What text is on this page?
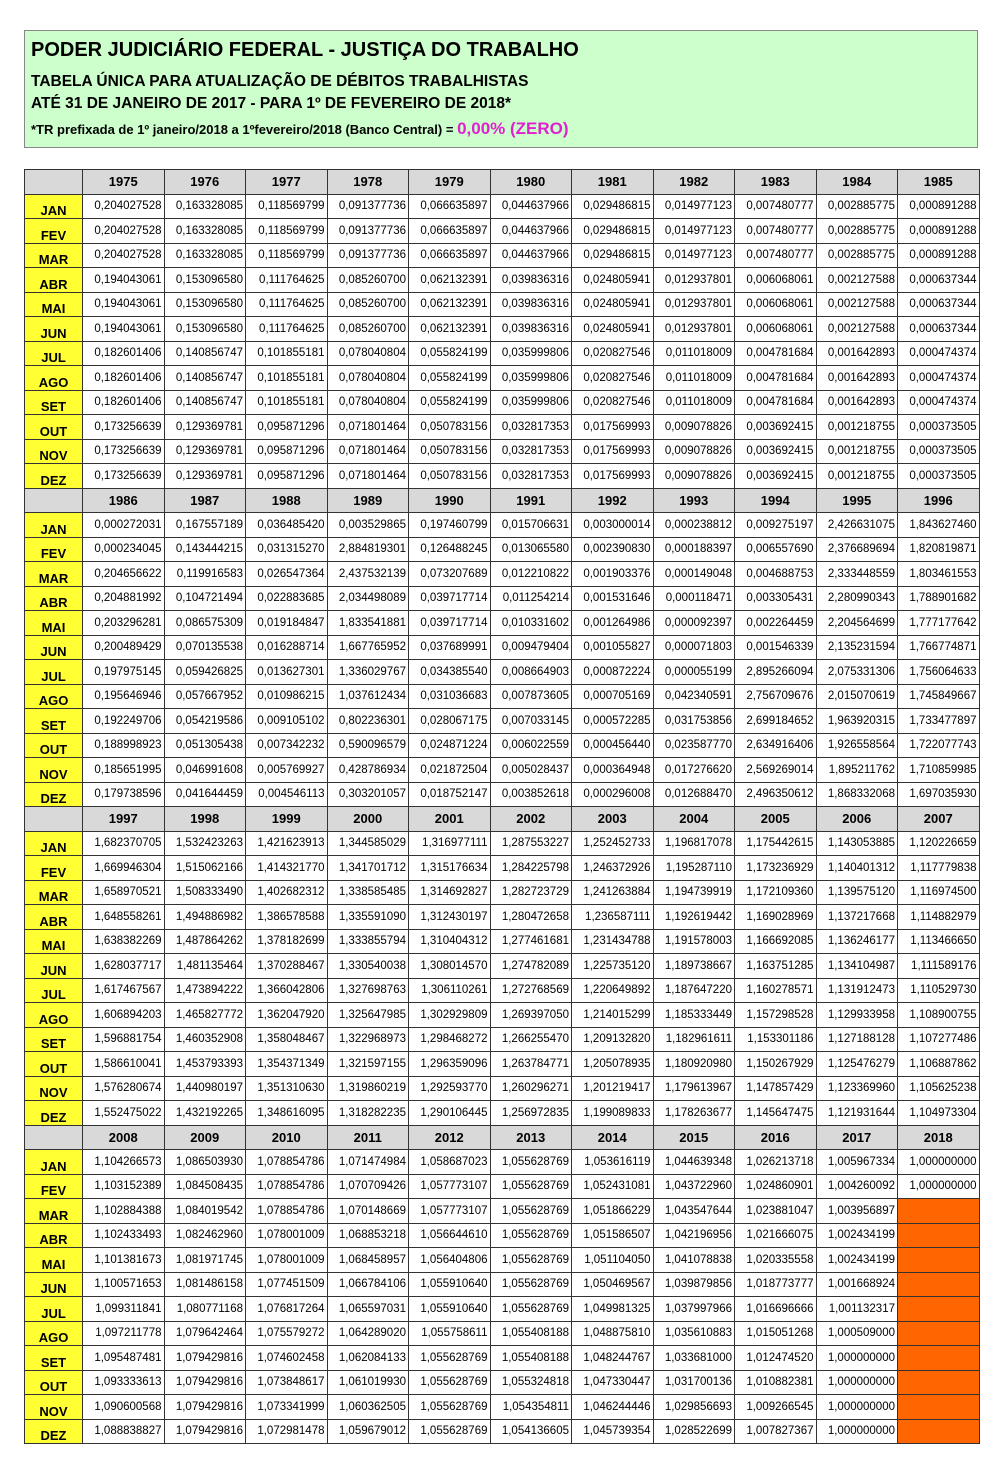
PODER JUDICIÁRIO FEDERAL - JUSTIÇA DO TRABALHO
TABELA ÚNICA PARA ATUALIZAÇÃO DE DÉBITOS TRABALHISTAS
ATÉ 31 DE JANEIRO DE 2017 - PARA 1º DE FEVEREIRO DE 2018*
*TR prefixada de 1º janeiro/2018 a 1ºfevereiro/2018 (Banco Central) = 0,00% (ZERO)
	1975	1976	1977	1978	1979	1980	1981	1982	1983	1984	1985
JAN	0,204027528	0,163328085	0,118569799	0,091377736	0,066635897	0,044637966	0,029486815	0,014977123	0,007480777	0,002885775	0,000891288
FEV	0,204027528	0,163328085	0,118569799	0,091377736	0,066635897	0,044637966	0,029486815	0,014977123	0,007480777	0,002885775	0,000891288
MAR	0,204027528	0,163328085	0,118569799	0,091377736	0,066635897	0,044637966	0,029486815	0,014977123	0,007480777	0,002885775	0,000891288
ABR	0,194043061	0,153096580	0,111764625	0,085260700	0,062132391	0,039836316	0,024805941	0,012937801	0,006068061	0,002127588	0,000637344
MAI	0,194043061	0,153096580	0,111764625	0,085260700	0,062132391	0,039836316	0,024805941	0,012937801	0,006068061	0,002127588	0,000637344
JUN	0,194043061	0,153096580	0,111764625	0,085260700	0,062132391	0,039836316	0,024805941	0,012937801	0,006068061	0,002127588	0,000637344
JUL	0,182601406	0,140856747	0,101855181	0,078040804	0,055824199	0,035999806	0,020827546	0,011018009	0,004781684	0,001642893	0,000474374
AGO	0,182601406	0,140856747	0,101855181	0,078040804	0,055824199	0,035999806	0,020827546	0,011018009	0,004781684	0,001642893	0,000474374
SET	0,182601406	0,140856747	0,101855181	0,078040804	0,055824199	0,035999806	0,020827546	0,011018009	0,004781684	0,001642893	0,000474374
OUT	0,173256639	0,129369781	0,095871296	0,071801464	0,050783156	0,032817353	0,017569993	0,009078826	0,003692415	0,001218755	0,000373505
NOV	0,173256639	0,129369781	0,095871296	0,071801464	0,050783156	0,032817353	0,017569993	0,009078826	0,003692415	0,001218755	0,000373505
DEZ	0,173256639	0,129369781	0,095871296	0,071801464	0,050783156	0,032817353	0,017569993	0,009078826	0,003692415	0,001218755	0,000373505
	1986	1987	1988	1989	1990	1991	1992	1993	1994	1995	1996
JAN	0,000272031	0,167557189	0,036485420	0,003529865	0,197460799	0,015706631	0,003000014	0,000238812	0,009275197	2,426631075	1,843627460
FEV	0,000234045	0,143444215	0,031315270	2,884819301	0,126488245	0,013065580	0,002390830	0,000188397	0,006557690	2,376689694	1,820819871
MAR	0,204656622	0,119916583	0,026547364	2,437532139	0,073207689	0,012210822	0,001903376	0,000149048	0,004688753	2,333448559	1,803461553
ABR	0,204881992	0,104721494	0,022883685	2,034498089	0,039717714	0,011254214	0,001531646	0,000118471	0,003305431	2,280990343	1,788901682
MAI	0,203296281	0,086575309	0,019184847	1,833541881	0,039717714	0,010331602	0,001264986	0,000092397	0,002264459	2,204564699	1,777177642
JUN	0,200489429	0,070135538	0,016288714	1,667765952	0,037689991	0,009479404	0,001055827	0,000071803	0,001546339	2,135231594	1,766774871
JUL	0,197975145	0,059426825	0,013627301	1,336029767	0,034385540	0,008664903	0,000872224	0,000055199	2,895266094	2,075331306	1,756064633
AGO	0,195646946	0,057667952	0,010986215	1,037612434	0,031036683	0,007873605	0,000705169	0,042340591	2,756709676	2,015070619	1,745849667
SET	0,192249706	0,054219586	0,009105102	0,802236301	0,028067175	0,007033145	0,000572285	0,031753856	2,699184652	1,963920315	1,733477897
OUT	0,188998923	0,051305438	0,007342232	0,590096579	0,024871224	0,006022559	0,000456440	0,023587770	2,634916406	1,926558564	1,722077743
NOV	0,185651995	0,046991608	0,005769927	0,428786934	0,021872504	0,005028437	0,000364948	0,017276620	2,569269014	1,895211762	1,710859985
DEZ	0,179738596	0,041644459	0,004546113	0,303201057	0,018752147	0,003852618	0,000296008	0,012688470	2,496350612	1,868332068	1,697035930
	1997	1998	1999	2000	2001	2002	2003	2004	2005	2006	2007
JAN	1,682370705	1,532423263	1,421623913	1,344585029	1,316977111	1,287553227	1,252452733	1,196817078	1,175442615	1,143053885	1,120226659
FEV	1,669946304	1,515062166	1,414321770	1,341701712	1,315176634	1,284225798	1,246372926	1,195287110	1,173236929	1,140401312	1,117779838
MAR	1,658970521	1,508333490	1,402682312	1,338585485	1,314692827	1,282723729	1,241263884	1,194739919	1,172109360	1,139575120	1,116974500
ABR	1,648558261	1,494886982	1,386578588	1,335591090	1,312430197	1,280472658	1,236587111	1,192619442	1,169028969	1,137217668	1,114882979
MAI	1,638382269	1,487864262	1,378182699	1,333855794	1,310404312	1,277461681	1,231434788	1,191578003	1,166692085	1,136246177	1,113466650
JUN	1,628037717	1,481135464	1,370288467	1,330540038	1,308014570	1,274782089	1,225735120	1,189738667	1,163751285	1,134104987	1,111589176
JUL	1,617467567	1,473894222	1,366042806	1,327698763	1,306110261	1,272768569	1,220649892	1,187647220	1,160278571	1,131912473	1,110529730
AGO	1,606894203	1,465827772	1,362047920	1,325647985	1,302929809	1,269397050	1,214015299	1,185333449	1,157298528	1,129933958	1,108900755
SET	1,596881754	1,460352908	1,358048467	1,322968973	1,298468272	1,266255470	1,209132820	1,182961611	1,153301186	1,127188128	1,107277486
OUT	1,586610041	1,453793393	1,354371349	1,321597155	1,296359096	1,263784771	1,205078935	1,180920980	1,150267929	1,125476279	1,106887862
NOV	1,576280674	1,440980197	1,351310630	1,319860219	1,292593770	1,260296271	1,201219417	1,179613967	1,147857429	1,123369960	1,105625238
DEZ	1,552475022	1,432192265	1,348616095	1,318282235	1,290106445	1,256972835	1,199089833	1,178263677	1,145647475	1,121931644	1,104973304
	2008	2009	2010	2011	2012	2013	2014	2015	2016	2017	2018
JAN	1,104266573	1,086503930	1,078854786	1,071474984	1,058687023	1,055628769	1,053616119	1,044639348	1,026213718	1,005967334	1,000000000
FEV	1,103152389	1,084508435	1,078854786	1,070709426	1,057773107	1,055628769	1,052431081	1,043722960	1,024860901	1,004260092	1,000000000
MAR	1,102884388	1,084019542	1,078854786	1,070148669	1,057773107	1,055628769	1,051866229	1,043547644	1,023881047	1,003956897	
ABR	1,102433493	1,082462960	1,078001009	1,068853218	1,056644610	1,055628769	1,051586507	1,042196956	1,021666075	1,002434199	
MAI	1,101381673	1,081971745	1,078001009	1,068458957	1,056404806	1,055628769	1,051104050	1,041078838	1,020335558	1,002434199	
JUN	1,100571653	1,081486158	1,077451509	1,066784106	1,055910640	1,055628769	1,050469567	1,039879856	1,018773777	1,001668924	
JUL	1,099311841	1,080771168	1,076817264	1,065597031	1,055910640	1,055628769	1,049981325	1,037997966	1,016696666	1,001132317	
AGO	1,097211778	1,079642464	1,075579272	1,064289020	1,055758611	1,055408188	1,048875810	1,035610883	1,015051268	1,000509000	
SET	1,095487481	1,079429816	1,074602458	1,062084133	1,055628769	1,055408188	1,048244767	1,033681000	1,012474520	1,000000000	
OUT	1,093333613	1,079429816	1,073848617	1,061019930	1,055628769	1,055324818	1,047330447	1,031700136	1,010882381	1,000000000	
NOV	1,090600568	1,079429816	1,073341999	1,060362505	1,055628769	1,054354811	1,046244446	1,029856693	1,009266545	1,000000000	
DEZ	1,088838827	1,079429816	1,072981478	1,059679012	1,055628769	1,054136605	1,045739354	1,028522699	1,007827367	1,000000000	
